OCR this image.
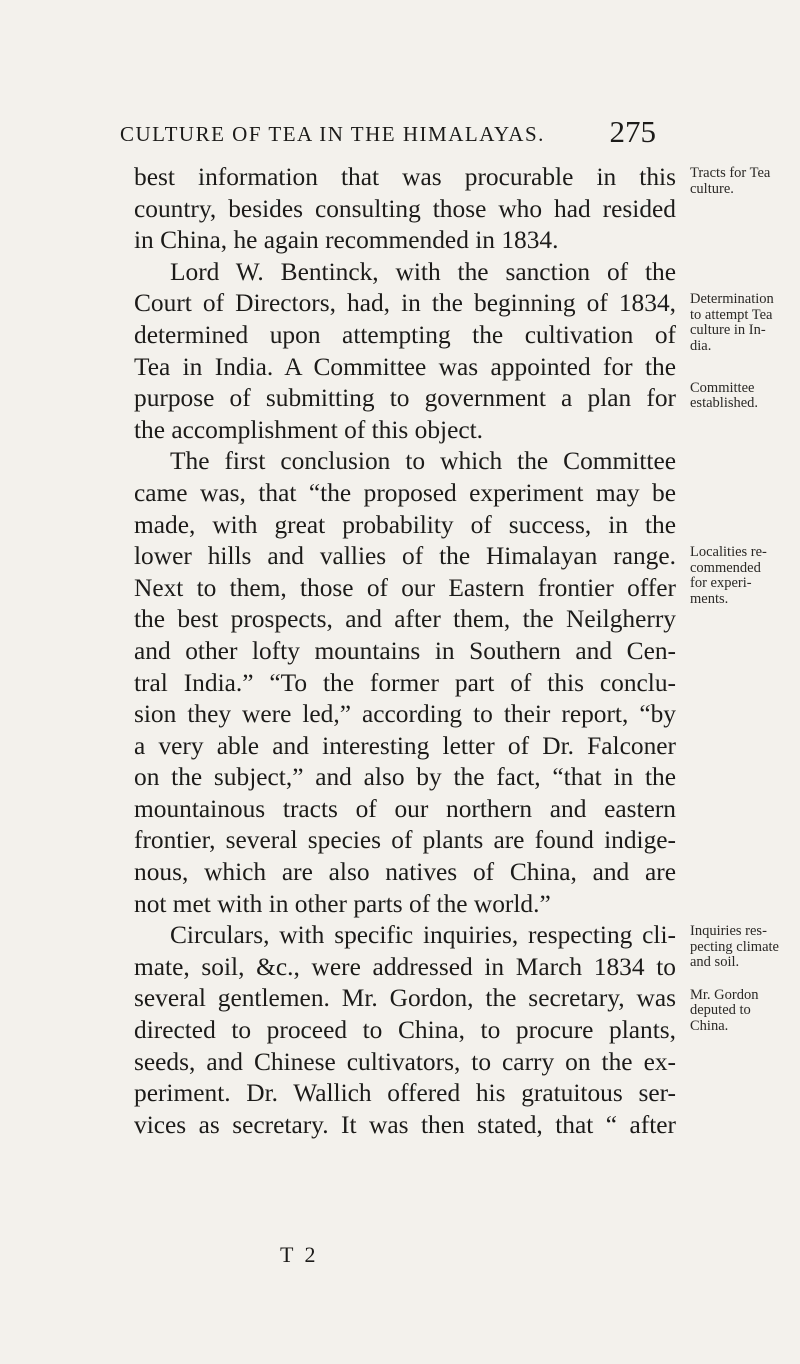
CULTURE OF TEA IN THE HIMALAYAS. 275
best information that was procurable in this
country, besides consulting those who had resided
in China, he again recommended in 1834.
Lord W. Bentinck, with the sanction of the
Court of Directors, had, in the beginning of 1834,
determined upon attempting the cultivation of
Tea in India. A Committee was appointed for the
purpose of submitting to government a plan for
the accomplishment of this object.
The first conclusion to which the Committee
came was, that “the proposed experiment may be
made, with great probability of success, in the
lower hills and vallies of the Himalayan range.
Next to them, those of our Eastern frontier offer
the best prospects, and after them, the Neilgherry
and other lofty mountains in Southern and Cen-
tral India.” “To the former part of this conclu-
sion they were led,” according to their report, “by
a very able and interesting letter of Dr. Falconer
on the subject,” and also by the fact, “that in the
mountainous tracts of our northern and eastern
frontier, several species of plants are found indige-
nous, which are also natives of China, and are
not met with in other parts of the world.”
Circulars, with specific inquiries, respecting cli-
mate, soil, &c., were addressed in March 1834 to
several gentlemen. Mr. Gordon, the secretary, was
directed to proceed to China, to procure plants,
seeds, and Chinese cultivators, to carry on the ex-
periment. Dr. Wallich offered his gratuitous ser-
vices as secretary. It was then stated, that “ after
Tracts for Tea
culture.
Determination
to attempt Tea
culture in In-
dia.
Committee
established.
Localities re-
commended
for experi-
ments.
Inquiries res-
pecting climate
and soil.
Mr. Gordon
deputed to
China.
T 2
